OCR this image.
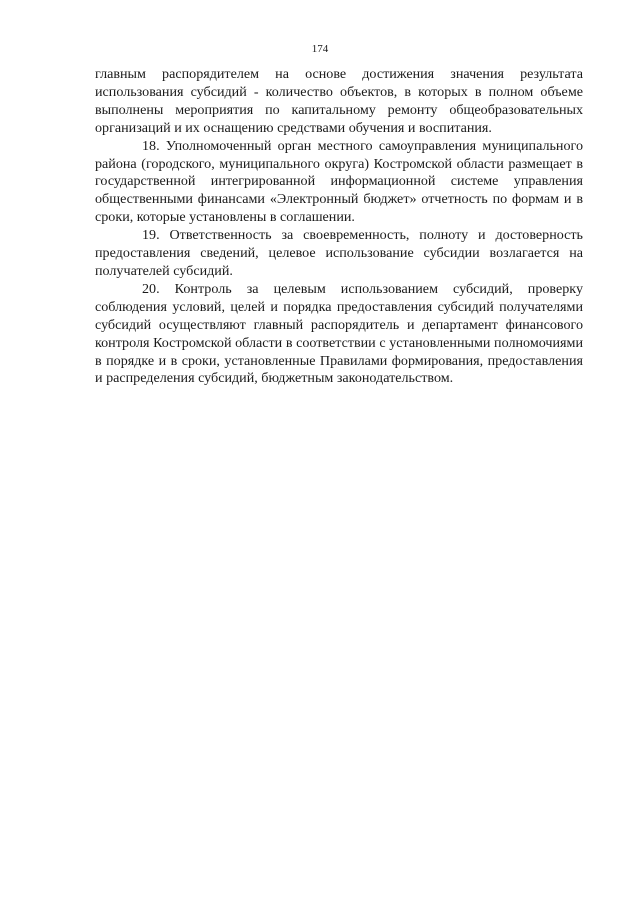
174

главным распорядителем на основе достижения значения результата использования субсидий - количество объектов, в которых в полном объеме выполнены мероприятия по капитальному ремонту общеобразовательных организаций и их оснащению средствами обучения и воспитания.

18. Уполномоченный орган местного самоуправления муниципального района (городского, муниципального округа) Костромской области размещает в государственной интегрированной информационной системе управления общественными финансами «Электронный бюджет» отчетность по формам и в сроки, которые установлены в соглашении.

19. Ответственность за своевременность, полноту и достоверность предоставления сведений, целевое использование субсидии возлагается на получателей субсидий.

20. Контроль за целевым использованием субсидий, проверку соблюдения условий, целей и порядка предоставления субсидий получателями субсидий осуществляют главный распорядитель и департамент финансового контроля Костромской области в соответствии с установленными полномочиями в порядке и в сроки, установленные Правилами формирования, предоставления и распределения субсидий, бюджетным законодательством.
